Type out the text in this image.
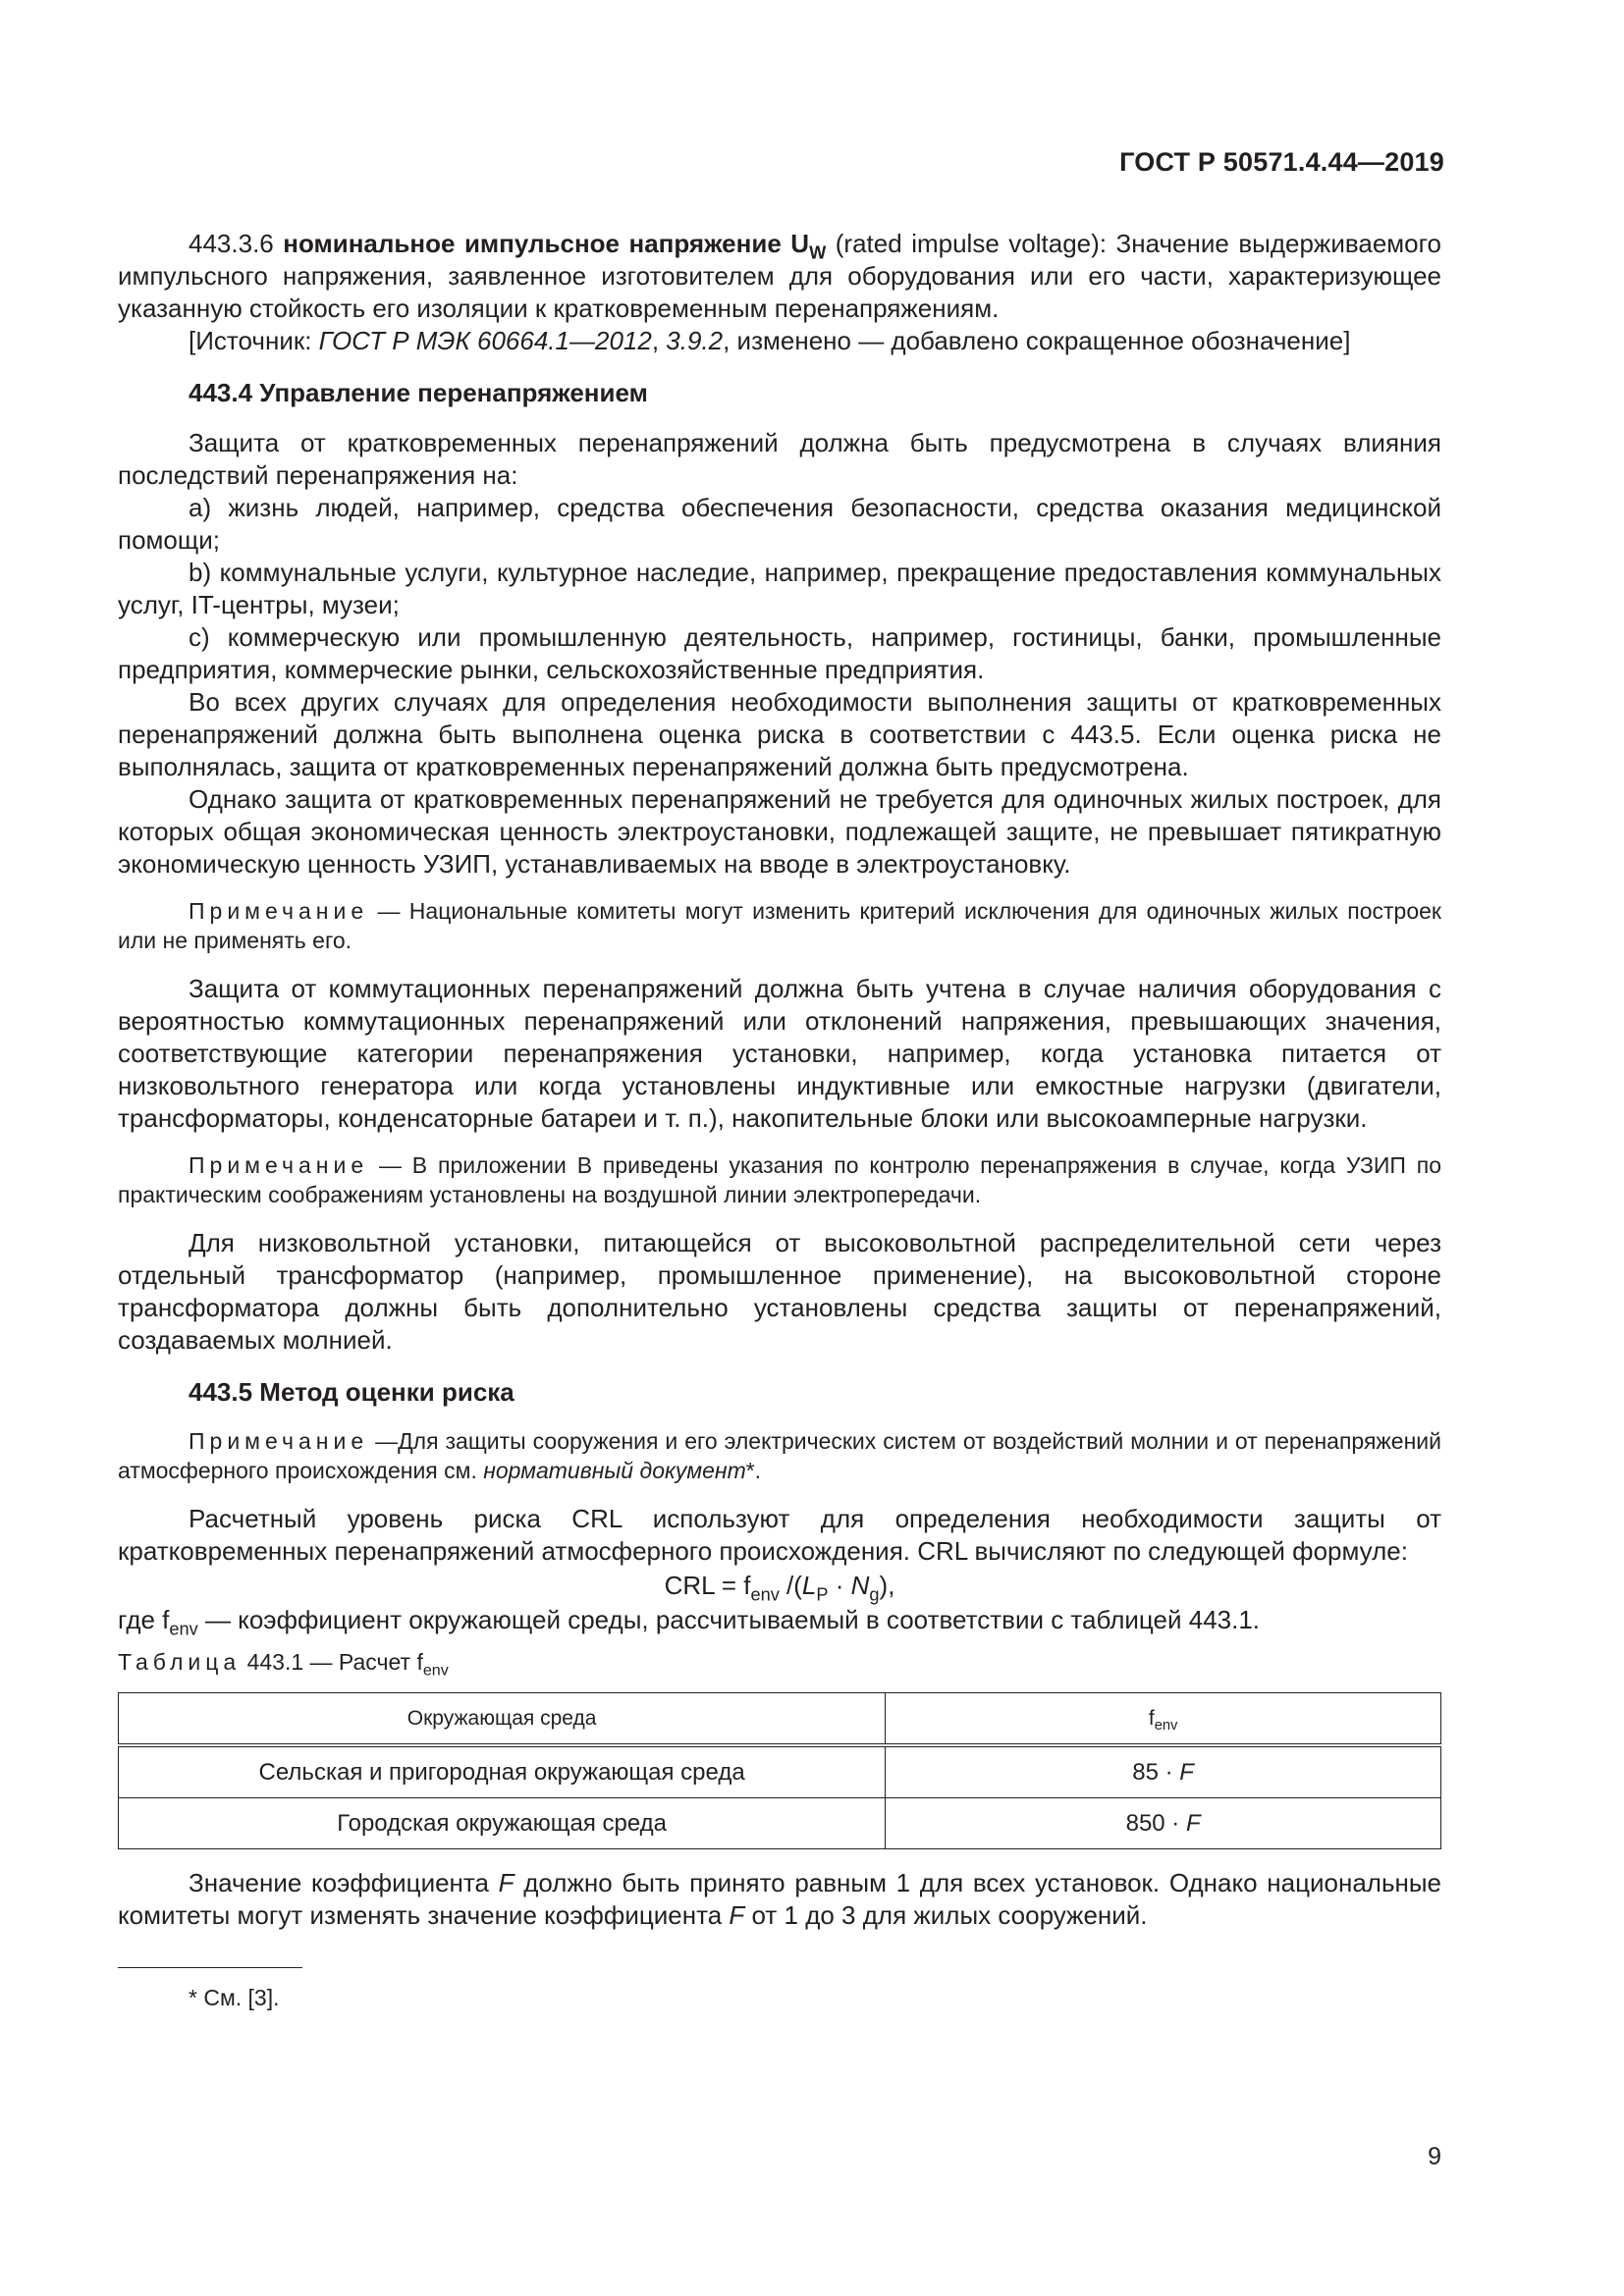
ГОСТ Р 50571.4.44—2019

443.3.6 номинальное импульсное напряжение $U_W$ (rated impulse voltage): Значение выдерживаемого импульсного напряжения, заявленное изготовителем для оборудования или его части, характеризующее указанную стойкость его изоляции к кратковременным перенапряжениям.

[Источник: ГОСТ Р МЭК 60664.1—2012, 3.9.2, изменено — добавлено сокращенное обозначение]

443.4 Управление перенапряжением

Защита от кратковременных перенапряжений должна быть предусмотрена в случаях влияния последствий перенапряжения на:

a) жизнь людей, например, средства обеспечения безопасности, средства оказания медицинской помощи;

b) коммунальные услуги, культурное наследие, например, прекращение предоставления коммунальных услуг, IT-центры, музеи;

c) коммерческую или промышленную деятельность, например, гостиницы, банки, промышленные предприятия, коммерческие рынки, сельскохозяйственные предприятия.

Во всех других случаях для определения необходимости выполнения защиты от кратковременных перенапряжений должна быть выполнена оценка риска в соответствии с 443.5. Если оценка риска не выполнялась, защита от кратковременных перенапряжений должна быть предусмотрена.

Однако защита от кратковременных перенапряжений не требуется для одиночных жилых построек, для которых общая экономическая ценность электроустановки, подлежащей защите, не превышает пятикратную экономическую ценность УЗИП, устанавливаемых на вводе в электроустановку.

Примечание — Национальные комитеты могут изменить критерий исключения для одиночных жилых построек или не применять его.

Защита от коммутационных перенапряжений должна быть учтена в случае наличия оборудования с вероятностью коммутационных перенапряжений или отклонений напряжения, превышающих значения, соответствующие категории перенапряжения установки, например, когда установка питается от низковольтного генератора или когда установлены индуктивные или емкостные нагрузки (двигатели, трансформаторы, конденсаторные батареи и т. п.), накопительные блоки или высокоамперные нагрузки.

Примечание — В приложении В приведены указания по контролю перенапряжения в случае, когда УЗИП по практическим соображениям установлены на воздушной линии электропередачи.

Для низковольтной установки, питающейся от высоковольтной распределительной сети через отдельный трансформатор (например, промышленное применение), на высоковольтной стороне трансформатора должны быть дополнительно установлены средства защиты от перенапряжений, создаваемых молнией.

443.5 Метод оценки риска

Примечание —Для защиты сооружения и его электрических систем от воздействий молнии и от перенапряжений атмосферного происхождения см. нормативный документ*.

Расчетный уровень риска CRL используют для определения необходимости защиты от кратковременных перенапряжений атмосферного происхождения. CRL вычисляют по следующей формуле:

CRL = $f_{env}$ $/(L_P \cdot N_g)$,

где $f_{env}$ — коэффициент окружающей среды, рассчитываемый в соответствии с таблицей 443.1.

Таблица 443.1 — Расчет $f_{env}$

Окружающая среда	$f_{env}$
Сельская и пригородная окружающая среда	85 · F
Городская окружающая среда	850 · F

Значение коэффициента F должно быть принято равным 1 для всех установок. Однако национальные комитеты могут изменять значение коэффициента F от 1 до 3 для жилых сооружений.

* См. [3].

9
